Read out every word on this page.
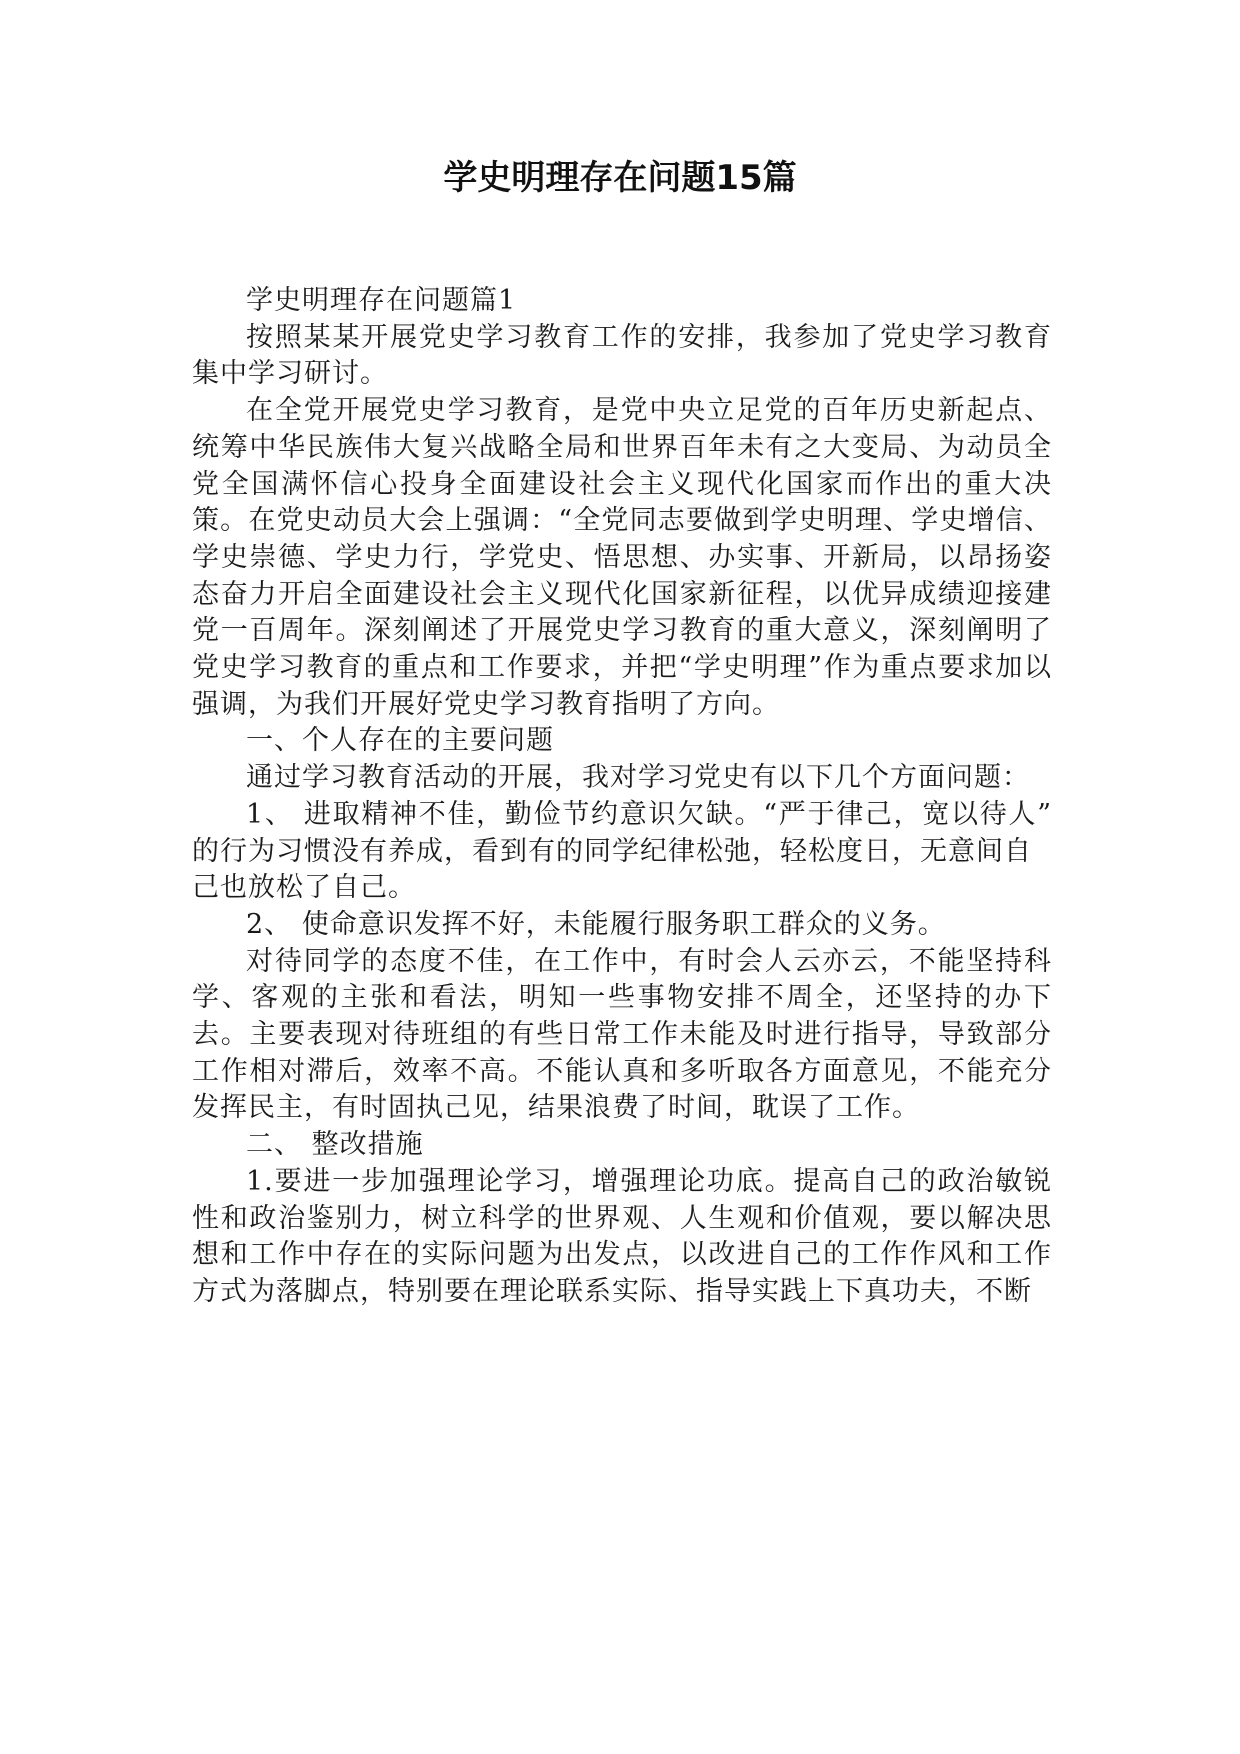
学史明理存在问题15篇

学史明理存在问题篇1

按照某某开展党史学习教育工作的安排，我参加了党史学习教育集中学习研讨。

在全党开展党史学习教育，是党中央立足党的百年历史新起点、统筹中华民族伟大复兴战略全局和世界百年未有之大变局、为动员全党全国满怀信心投身全面建设社会主义现代化国家而作出的重大决策。在党史动员大会上强调：“全党同志要做到学史明理、学史增信、学史崇德、学史力行，学党史、悟思想、办实事、开新局，以昂扬姿态奋力开启全面建设社会主义现代化国家新征程，以优异成绩迎接建党一百周年。深刻阐述了开展党史学习教育的重大意义，深刻阐明了党史学习教育的重点和工作要求，并把“学史明理”作为重点要求加以强调，为我们开展好党史学习教育指明了方向。

一、个人存在的主要问题

通过学习教育活动的开展，我对学习党史有以下几个方面问题：

1、 进取精神不佳，勤俭节约意识欠缺。“严于律己，宽以待人” 的行为习惯没有养成，看到有的同学纪律松弛，轻松度日，无意间自

己也放松了自己。

2、 使命意识发挥不好，未能履行服务职工群众的义务。

对待同学的态度不佳，在工作中，有时会人云亦云，不能坚持科学、客观的主张和看法，明知一些事物安排不周全，还坚持的办下去。主要表现对待班组的有些日常工作未能及时进行指导，导致部分工作相对滞后，效率不高。不能认真和多听取各方面意见，不能充分发挥民主，有时固执己见，结果浪费了时间，耽误了工作。

二、 整改措施

1.要进一步加强理论学习，增强理论功底。提高自己的政治敏锐性和政治鉴别力，树立科学的世界观、人生观和价值观，要以解决思想和工作中存在的实际问题为出发点，以改进自己的工作作风和工作方式为落脚点，特别要在理论联系实际、指导实践上下真功夫，不断
